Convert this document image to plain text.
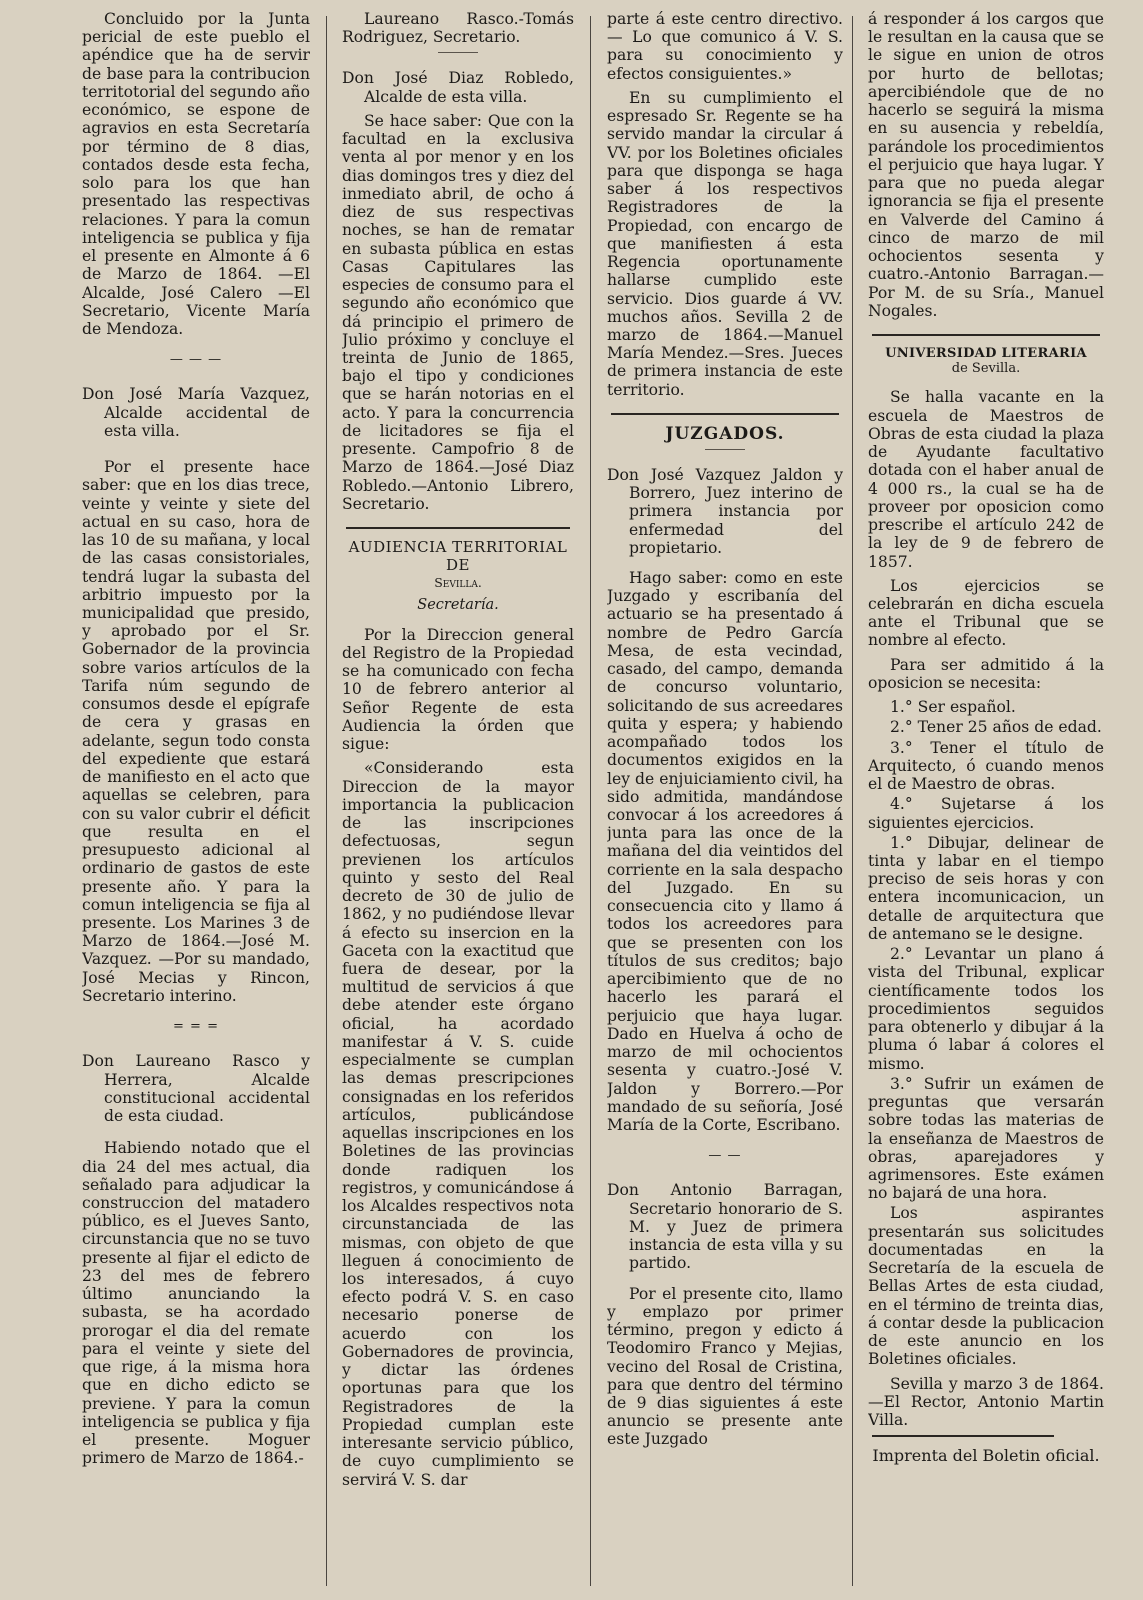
Concluido por la Junta pericial de este pueblo el apéndice que ha de servir de base para la contribucion territotorial del segundo año económico, se espone de agravios en esta Secretaría por término de 8 dias, contados desde esta fecha, solo para los que han presentado las respectivas relaciones. Y para la comun inteligencia se publica y fija el presente en Almonte á 6 de Marzo de 1864. —El Alcalde, José Calero —El Secretario, Vicente María de Mendoza.

— — —

Don José María Vazquez, Alcalde accidental de esta villa.

Por el presente hace saber: que en los dias trece, veinte y veinte y siete del actual en su caso, hora de las 10 de su mañana, y local de las casas consistoriales, tendrá lugar la subasta del arbitrio impuesto por la municipalidad que presido, y aprobado por el Sr. Gobernador de la provincia sobre varios artículos de la Tarifa núm segundo de consumos desde el epígrafe de cera y grasas en adelante, segun todo consta del expediente que estará de manifiesto en el acto que aquellas se celebren, para con su valor cubrir el déficit que resulta en el presupuesto adicional al ordinario de gastos de este presente año. Y para la comun inteligencia se fija al presente. Los Marines 3 de Marzo de 1864.—José M. Vazquez. —Por su mandado, José Mecias y Rincon, Secretario interino.

= = =

Don Laureano Rasco y Herrera, Alcalde constitucional accidental de esta ciudad.

Habiendo notado que el dia 24 del mes actual, dia señalado para adjudicar la construccion del matadero público, es el Jueves Santo, circunstancia que no se tuvo presente al fijar el edicto de 23 del mes de febrero último anunciando la subasta, se ha acordado prorogar el dia del remate para el veinte y siete del que rige, á la misma hora que en dicho edicto se previene. Y para la comun inteligencia se publica y fija el presente. Moguer primero de Marzo de 1864.-

Laureano Rasco.-Tomás Rodriguez, Secretario.

Don José Diaz Robledo, Alcalde de esta villa.

Se hace saber: Que con la facultad en la exclusiva venta al por menor y en los dias domingos tres y diez del inmediato abril, de ocho á diez de sus respectivas noches, se han de rematar en subasta pública en estas Casas Capitulares las especies de consumo para el segundo año económico que dá principio el primero de Julio próximo y concluye el treinta de Junio de 1865, bajo el tipo y condiciones que se harán notorias en el acto. Y para la concurrencia de licitadores se fija el presente. Campofrio 8 de Marzo de 1864.—José Diaz Robledo.—Antonio Librero, Secretario.

AUDIENCIA TERRITORIAL DE
Sevilla.
Secretaría.

Por la Direccion general del Registro de la Propiedad se ha comunicado con fecha 10 de febrero anterior al Señor Regente de esta Audiencia la órden que sigue:

«Considerando esta Direccion de la mayor importancia la publicacion de las inscripciones defectuosas, segun previenen los artículos quinto y sesto del Real decreto de 30 de julio de 1862, y no pudiéndose llevar á efecto su insercion en la Gaceta con la exactitud que fuera de desear, por la multitud de servicios á que debe atender este órgano oficial, ha acordado manifestar á V. S. cuide especialmente se cumplan las demas prescripciones consignadas en los referidos artículos, publicándose aquellas inscripciones en los Boletines de las provincias donde radiquen los registros, y comunicándose á los Alcaldes respectivos nota circunstanciada de las mismas, con objeto de que lleguen á conocimiento de los interesados, á cuyo efecto podrá V. S. en caso necesario ponerse de acuerdo con los Gobernadores de provincia, y dictar las órdenes oportunas para que los Registradores de la Propiedad cumplan este interesante servicio público, de cuyo cumplimiento se servirá V. S. dar

parte á este centro directivo. — Lo que comunico á V. S. para su conocimiento y efectos consiguientes.»

En su cumplimiento el espresado Sr. Regente se ha servido mandar la circular á VV. por los Boletines oficiales para que disponga se haga saber á los respectivos Registradores de la Propiedad, con encargo de que manifiesten á esta Regencia oportunamente hallarse cumplido este servicio. Dios guarde á VV. muchos años. Sevilla 2 de marzo de 1864.—Manuel María Mendez.—Sres. Jueces de primera instancia de este territorio.

JUZGADOS.

Don José Vazquez Jaldon y Borrero, Juez interino de primera instancia por enfermedad del propietario.

Hago saber: como en este Juzgado y escribanía del actuario se ha presentado á nombre de Pedro García Mesa, de esta vecindad, casado, del campo, demanda de concurso voluntario, solicitando de sus acreedares quita y espera; y habiendo acompañado todos los documentos exigidos en la ley de enjuiciamiento civil, ha sido admitida, mandándose convocar á los acreedores á junta para las once de la mañana del dia veintidos del corriente en la sala despacho del Juzgado. En su consecuencia cito y llamo á todos los acreedores para que se presenten con los títulos de sus creditos; bajo apercibimiento que de no hacerlo les parará el perjuicio que haya lugar. Dado en Huelva á ocho de marzo de mil ochocientos sesenta y cuatro.-José V. Jaldon y Borrero.—Por mandado de su señoría, José María de la Corte, Escribano.

— —

Don Antonio Barragan, Secretario honorario de S. M. y Juez de primera instancia de esta villa y su partido.

Por el presente cito, llamo y emplazo por primer término, pregon y edicto á Teodomiro Franco y Mejias, vecino del Rosal de Cristina, para que dentro del término de 9 dias siguientes á este anuncio se presente ante este Juzgado

á responder á los cargos que le resultan en la causa que se le sigue en union de otros por hurto de bellotas; apercibiéndole que de no hacerlo se seguirá la misma en su ausencia y rebeldía, parándole los procedimientos el perjuicio que haya lugar. Y para que no pueda alegar ignorancia se fija el presente en Valverde del Camino á cinco de marzo de mil ochocientos sesenta y cuatro.-Antonio Barragan.—Por M. de su Sría., Manuel Nogales.

UNIVERSIDAD LITERARIA
de Sevilla.

Se halla vacante en la escuela de Maestros de Obras de esta ciudad la plaza de Ayudante facultativo dotada con el haber anual de 4 000 rs., la cual se ha de proveer por oposicion como prescribe el artículo 242 de la ley de 9 de febrero de 1857.

Los ejercicios se celebrarán en dicha escuela ante el Tribunal que se nombre al efecto.

Para ser admitido á la oposicion se necesita:

1.° Ser español.

2.° Tener 25 años de edad.

3.° Tener el título de Arquitecto, ó cuando menos el de Maestro de obras.

4.° Sujetarse á los siguientes ejercicios.

1.° Dibujar, delinear de tinta y labar en el tiempo preciso de seis horas y con entera incomunicacion, un detalle de arquitectura que de antemano se le designe.

2.° Levantar un plano á vista del Tribunal, explicar científicamente todos los procedimientos seguidos para obtenerlo y dibujar á la pluma ó labar á colores el mismo.

3.° Sufrir un exámen de preguntas que versarán sobre todas las materias de la enseñanza de Maestros de obras, aparejadores y agrimensores. Este exámen no bajará de una hora.

Los aspirantes presentarán sus solicitudes documentadas en la Secretaría de la escuela de Bellas Artes de esta ciudad, en el término de treinta dias, á contar desde la publicacion de este anuncio en los Boletines oficiales.

Sevilla y marzo 3 de 1864. —El Rector, Antonio Martin Villa.

Imprenta del Boletin oficial.
